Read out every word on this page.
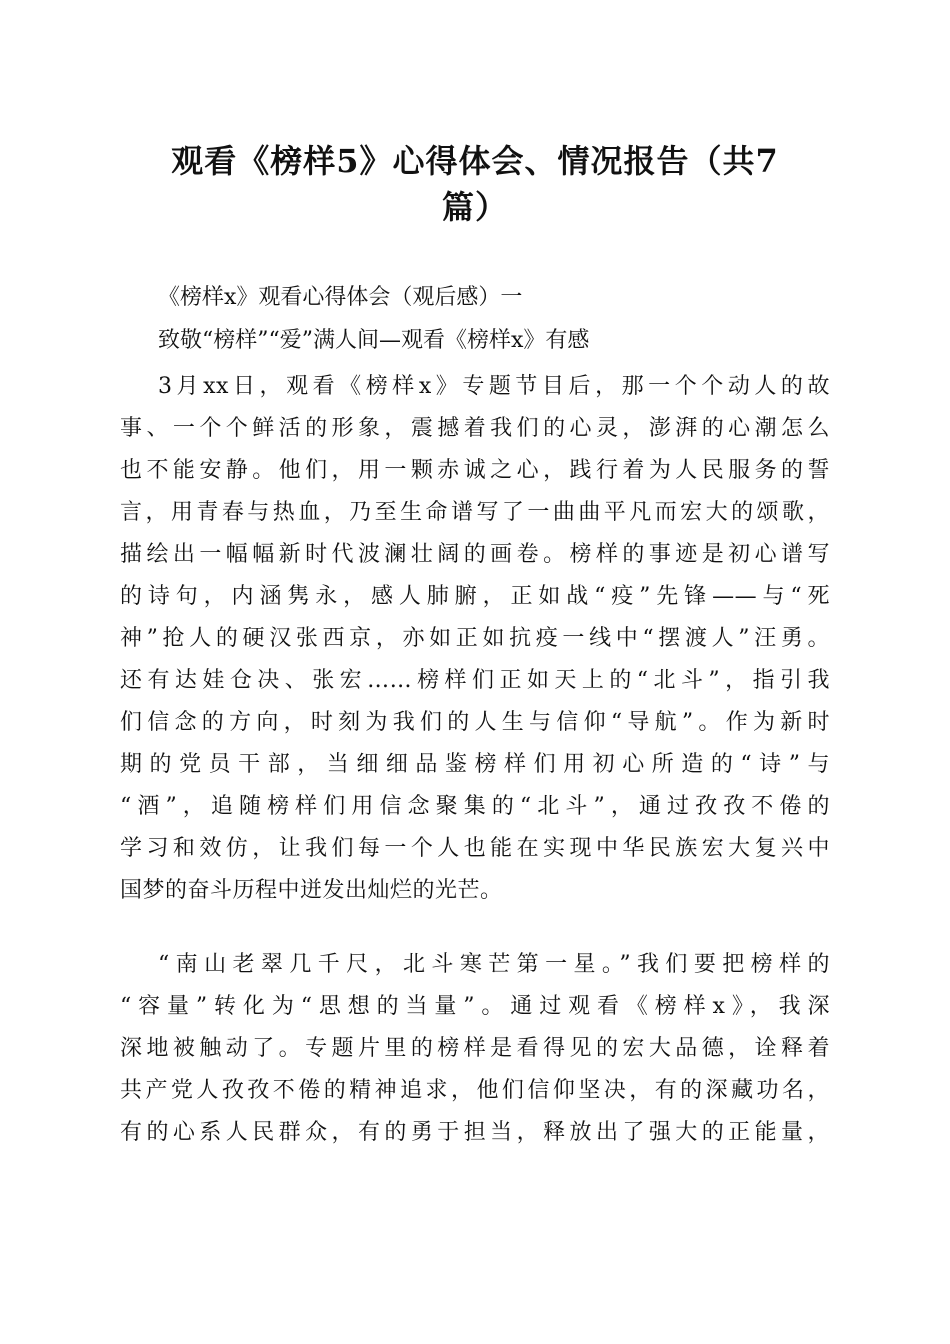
观看《榜样5》心得体会、情况报告（共7
篇）
《榜样x》观看心得体会（观后感）一
致敬“榜样”“爱”满人间—观看《榜样x》有感
3月xx日，观看《榜样x》专题节目后，那一个个动人的故
事、一个个鲜活的形象，震撼着我们的心灵，澎湃的心潮怎么
也不能安静。他们，用一颗赤诚之心，践行着为人民服务的誓
言，用青春与热血，乃至生命谱写了一曲曲平凡而宏大的颂歌，
描绘出一幅幅新时代波澜壮阔的画卷。榜样的事迹是初心谱写
的诗句，内涵隽永，感人肺腑，正如战“疫”先锋——与“死
神”抢人的硬汉张西京，亦如正如抗疫一线中“摆渡人”汪勇。
还有达娃仓决、张宏……榜样们正如天上的“北斗”，指引我
们信念的方向，时刻为我们的人生与信仰“导航”。作为新时
期的党员干部，当细细品鉴榜样们用初心所造的“诗”与
“酒”，追随榜样们用信念聚集的“北斗”，通过孜孜不倦的
学习和效仿，让我们每一个人也能在实现中华民族宏大复兴中
国梦的奋斗历程中迸发出灿烂的光芒。
“南山老翠几千尺，北斗寒芒第一星。”我们要把榜样的
“容量”转化为“思想的当量”。通过观看《榜样x》，我深
深地被触动了。专题片里的榜样是看得见的宏大品德，诠释着
共产党人孜孜不倦的精神追求，他们信仰坚决，有的深藏功名，
有的心系人民群众，有的勇于担当，释放出了强大的正能量，
